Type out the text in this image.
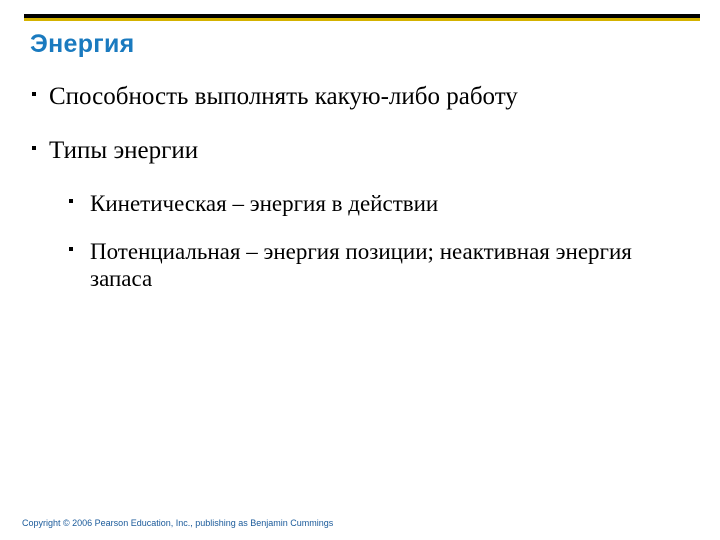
Энергия
Способность выполнять какую-либо работу
Типы энергии
Кинетическая – энергия в действии
Потенциальная – энергия позиции; неактивная энергия запаса
Copyright © 2006 Pearson Education, Inc., publishing as Benjamin Cummings
